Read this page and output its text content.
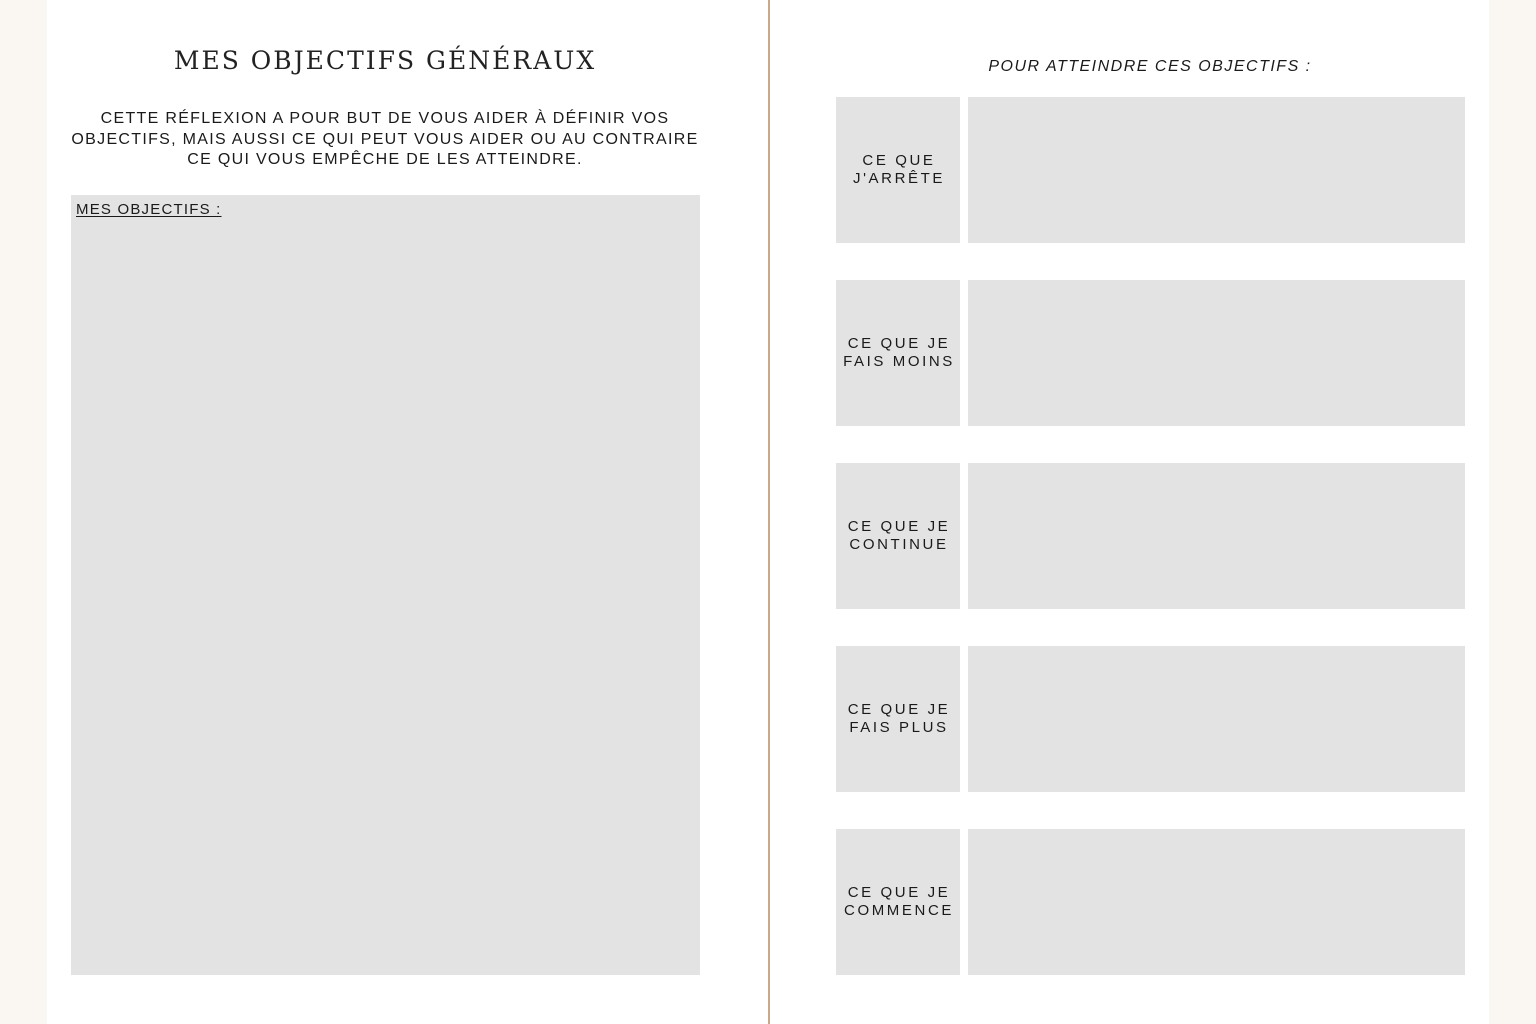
MES OBJECTIFS GÉNÉRAUX

CETTE RÉFLEXION A POUR BUT DE VOUS AIDER À DÉFINIR VOS OBJECTIFS, MAIS AUSSI CE QUI PEUT VOUS AIDER OU AU CONTRAIRE CE QUI VOUS EMPÊCHE DE LES ATTEINDRE.

MES OBJECTIFS :

POUR ATTEINDRE CES OBJECTIFS :

CE QUE
J'ARRÊTE
CE QUE JE
FAIS MOINS
CE QUE JE
CONTINUE
CE QUE JE
FAIS PLUS
CE QUE JE
COMMENCE
